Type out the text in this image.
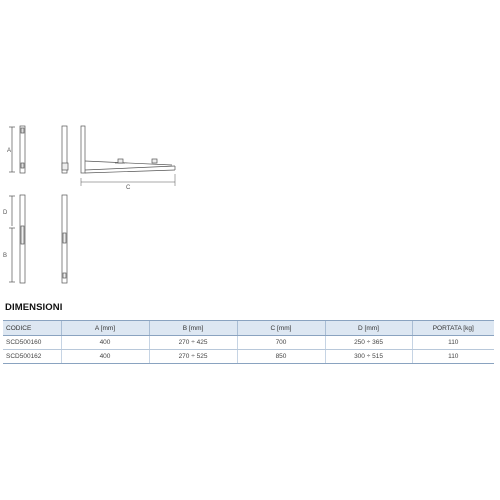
A
C
D
B
DIMENSIONI
CODICE	A [mm]	B [mm]	C [mm]	D [mm]	PORTATA [kg]
SCD500160	400	270 ÷ 425	700	250 ÷ 365	110
SCD500162	400	270 ÷ 525	850	300 ÷ 515	110
